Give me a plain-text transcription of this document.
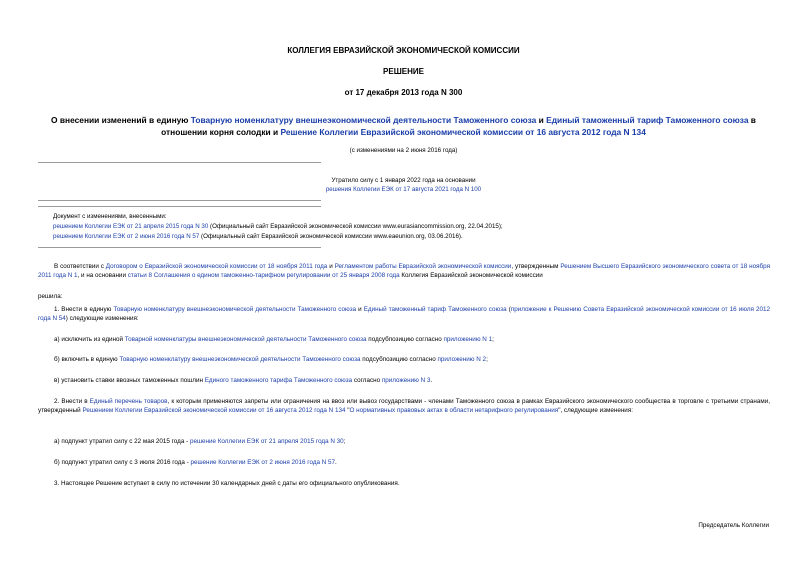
КОЛЛЕГИЯ ЕВРАЗИЙСКОЙ ЭКОНОМИЧЕСКОЙ КОМИССИИ
РЕШЕНИЕ
от 17 декабря 2013 года N 300
О внесении изменений в единую Товарную номенклатуру внешнеэкономической деятельности Таможенного союза и Единый таможенный тариф Таможенного союза в отношении корня солодки и Решение Коллегии Евразийской экономической комиссии от 16 августа 2012 года N 134
(с изменениями на 2 июня 2016 года)
Утратило силу с 1 января 2022 года на основании
решения Коллегии ЕЭК от 17 августа 2021 года N 100
Документ с изменениями, внесенными:
решением Коллегии ЕЭК от 21 апреля 2015 года N 30 (Официальный сайт Евразийской экономической комиссии www.eurasiancommission.org, 22.04.2015);
решением Коллегии ЕЭК от 2 июня 2016 года N 57 (Официальный сайт Евразийской экономической комиссии www.eaeunion.org, 03.06.2016).
В соответствии с Договором о Евразийской экономической комиссии от 18 ноября 2011 года и Регламентом работы Евразийской экономической комиссии, утвержденным Решением Высшего Евразийского экономического совета от 18 ноября 2011 года N 1, и на основании статьи 8 Соглашения о едином таможенно-тарифном регулировании от 25 января 2008 года Коллегия Евразийской экономической комиссии
решила:
1. Внести в единую Товарную номенклатуру внешнеэкономической деятельности Таможенного союза и Единый таможенный тариф Таможенного союза (приложение к Решению Совета Евразийской экономической комиссии от 16 июля 2012 года N 54) следующие изменения:
а) исключить из единой Товарной номенклатуры внешнеэкономической деятельности Таможенного союза подсубпозицию согласно приложению N 1;
б) включить в единую Товарную номенклатуру внешнеэкономической деятельности Таможенного союза подсубпозицию согласно приложению N 2;
в) установить ставки ввозных таможенных пошлин Единого таможенного тарифа Таможенного союза согласно приложению N 3.
2. Внести в Единый перечень товаров, к которым применяются запреты или ограничения на ввоз или вывоз государствами - членами Таможенного союза в рамках Евразийского экономического сообщества в торговле с третьими странами, утвержденный Решением Коллегии Евразийской экономической комиссии от 16 августа 2012 года N 134 "О нормативных правовых актах в области нетарифного регулирования", следующие изменения:
а) подпункт утратил силу с 22 мая 2015 года - решение Коллегии ЕЭК от 21 апреля 2015 года N 30;
б) подпункт утратил силу с 3 июля 2016 года - решение Коллегии ЕЭК от 2 июня 2016 года N 57.
3. Настоящее Решение вступает в силу по истечении 30 календарных дней с даты его официального опубликования.
Председатель Коллегии
